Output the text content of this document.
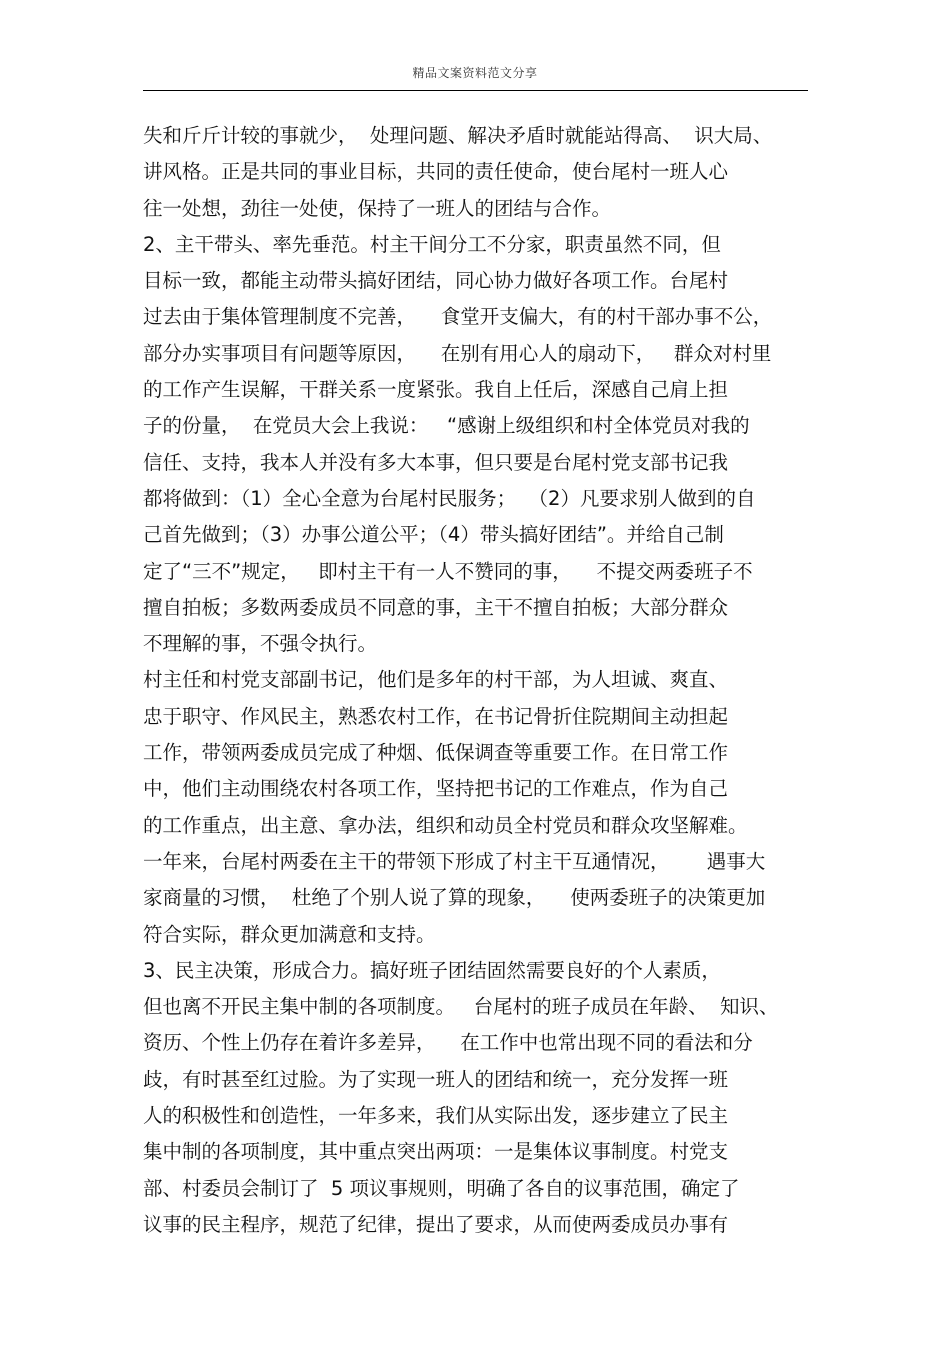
精品文案资料范文分享
失和斤斤计较的事就少，  处理问题、解决矛盾时就能站得高、  识大局、
讲风格。正是共同的事业目标，共同的责任使命，使台尾村一班人心
往一处想，劲往一处使，保持了一班人的团结与合作。
2、主干带头、率先垂范。村主干间分工不分家，职责虽然不同，但
目标一致，都能主动带头搞好团结，同心协力做好各项工作。台尾村
过去由于集体管理制度不完善，    食堂开支偏大，有的村干部办事不公，
部分办实事项目有问题等原因，    在别有用心人的扇动下，   群众对村里
的工作产生误解，干群关系一度紧张。我自上任后，深感自己肩上担
子的份量，  在党员大会上我说：   “感谢上级组织和村全体党员对我的
信任、支持，我本人并没有多大本事，但只要是台尾村党支部书记我
都将做到：（1）全心全意为台尾村民服务；  （2）凡要求别人做到的自
己首先做到；（3）办事公道公平；（4）带头搞好团结”。并给自己制
定了“三不”规定，   即村主干有一人不赞同的事，    不提交两委班子不
擅自拍板；多数两委成员不同意的事，主干不擅自拍板；大部分群众
不理解的事，不强令执行。
村主任和村党支部副书记，他们是多年的村干部，为人坦诚、爽直、
忠于职守、作风民主，熟悉农村工作，在书记骨折住院期间主动担起
工作，带领两委成员完成了种烟、低保调查等重要工作。在日常工作
中，他们主动围绕农村各项工作，坚持把书记的工作难点，作为自己
的工作重点，出主意、拿办法，组织和动员全村党员和群众攻坚解难。
一年来，台尾村两委在主干的带领下形成了村主干互通情况，      遇事大
家商量的习惯，  杜绝了个别人说了算的现象，    使两委班子的决策更加
符合实际，群众更加满意和支持。
3、民主决策，形成合力。搞好班子团结固然需要良好的个人素质，
但也离不开民主集中制的各项制度。   台尾村的班子成员在年龄、  知识、
资历、个性上仍存在着许多差异，    在工作中也常出现不同的看法和分
歧，有时甚至红过脸。为了实现一班人的团结和统一，充分发挥一班
人的积极性和创造性，一年多来，我们从实际出发，逐步建立了民主
集中制的各项制度，其中重点突出两项：一是集体议事制度。村党支
部、村委员会制订了  5 项议事规则，明确了各自的议事范围，确定了
议事的民主程序，规范了纪律，提出了要求，从而使两委成员办事有
